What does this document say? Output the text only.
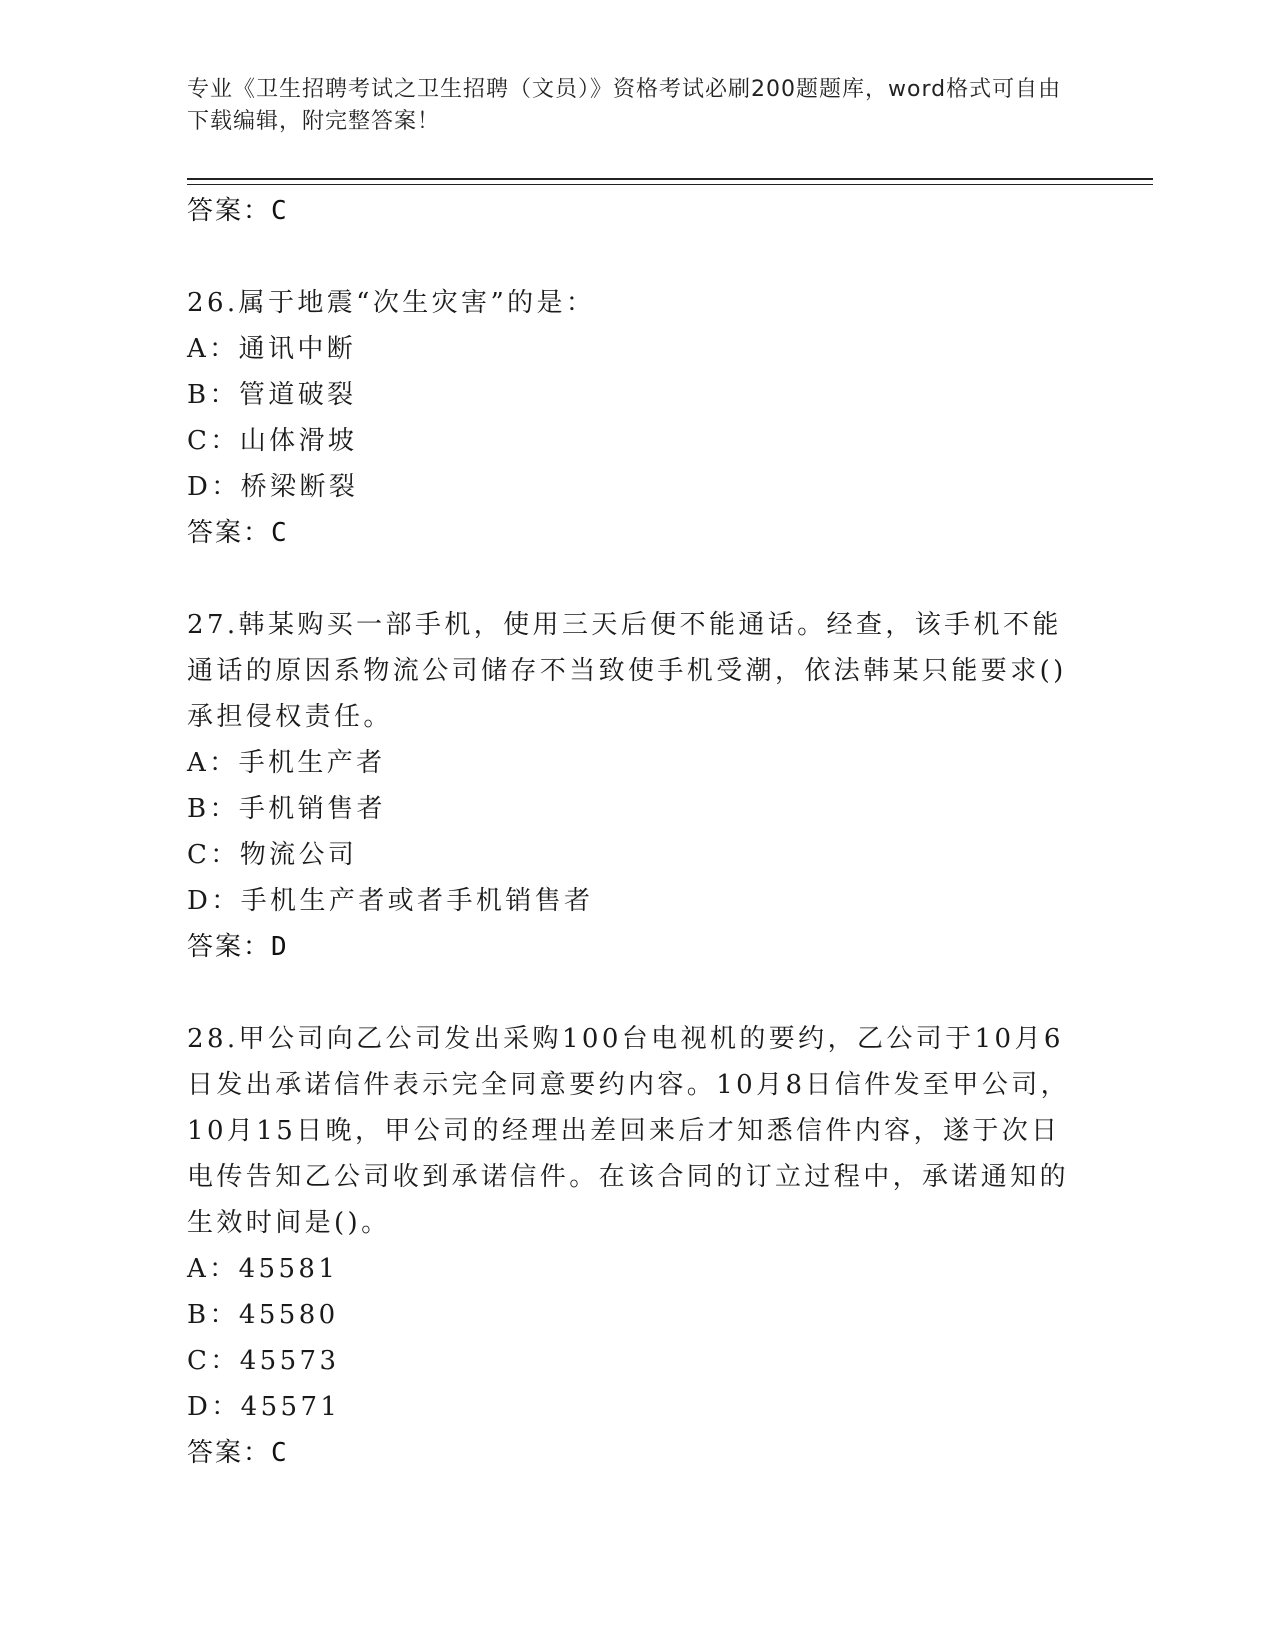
专业《卫生招聘考试之卫生招聘（文员）》资格考试必刷200题题库，word格式可自由下载编辑，附完整答案！
答案：C
26.属于地震“次生灾害”的是：
A：通讯中断
B：管道破裂
C：山体滑坡
D：桥梁断裂
答案：C
27.韩某购买一部手机，使用三天后便不能通话。经查，该手机不能通话的原因系物流公司储存不当致使手机受潮，依法韩某只能要求()承担侵权责任。
A：手机生产者
B：手机销售者
C：物流公司
D：手机生产者或者手机销售者
答案：D
28.甲公司向乙公司发出采购100台电视机的要约，乙公司于10月6日发出承诺信件表示完全同意要约内容。10月8日信件发至甲公司，10月15日晚，甲公司的经理出差回来后才知悉信件内容，遂于次日电传告知乙公司收到承诺信件。在该合同的订立过程中，承诺通知的生效时间是()。
A：45581
B：45580
C：45573
D：45571
答案：C
